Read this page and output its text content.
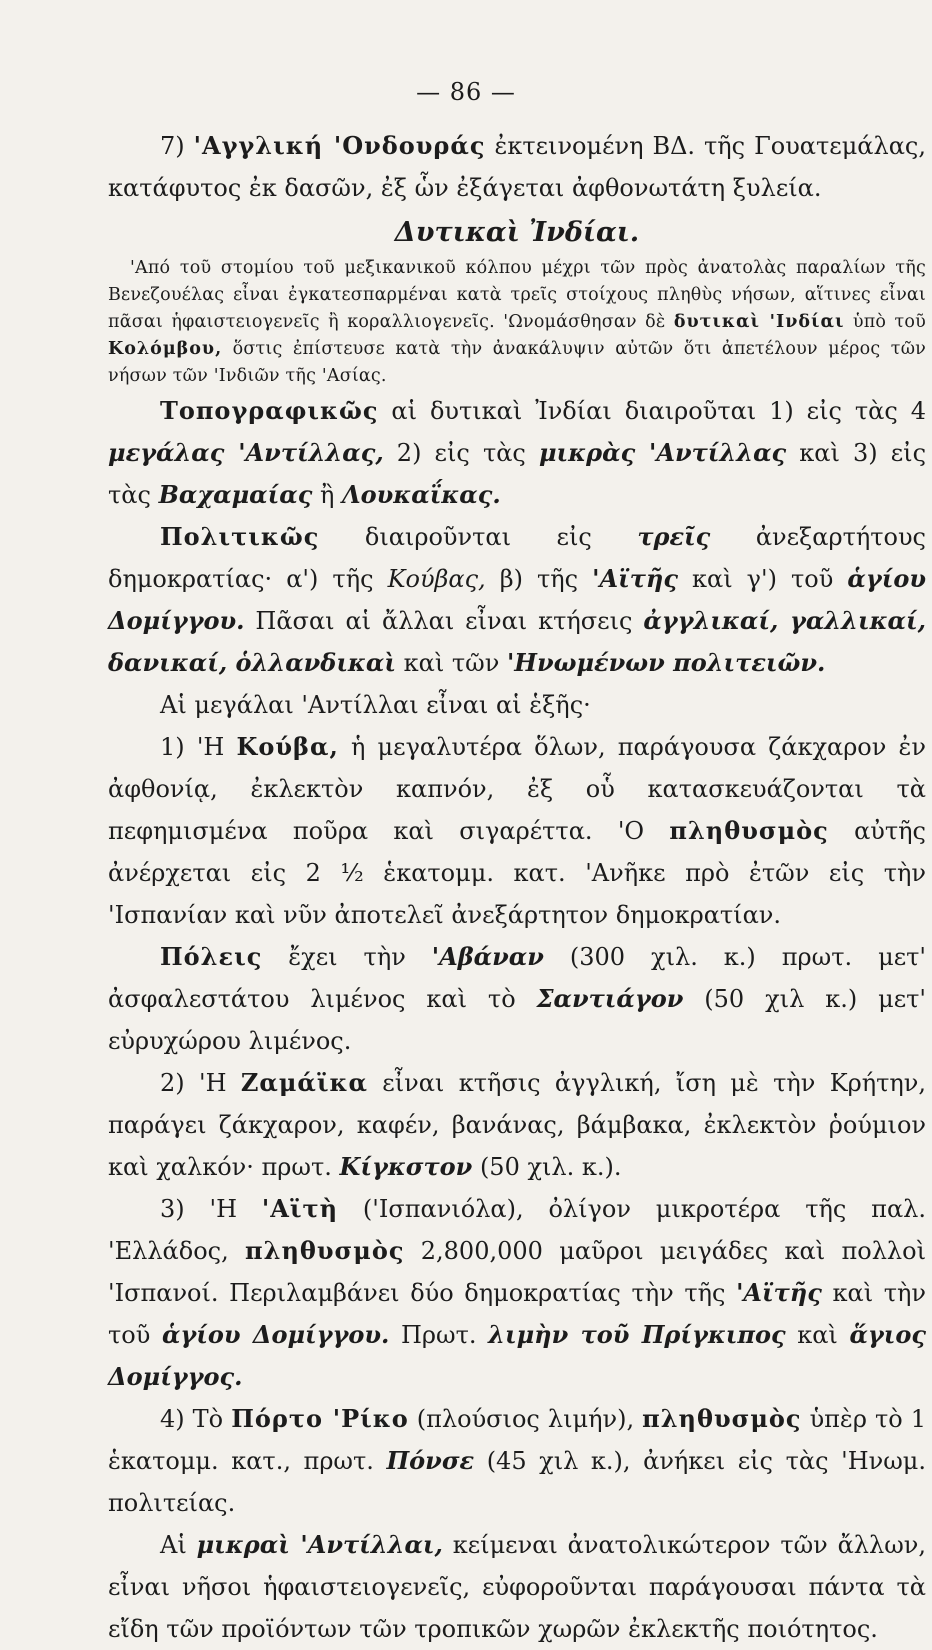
— 86 —

7) 'Αγγλική 'Ονδουράς ἐκτεινομένη ΒΔ. τῆς Γουατεμάλας, κατάφυτος ἐκ δασῶν, ἐξ ὧν ἐξάγεται ἀφθονωτάτη ξυλεία.

Δυτικαὶ Ἰνδίαι.

'Από τοῦ στομίου τοῦ μεξικανικοῦ κόλπου μέχρι τῶν πρὸς ἀνατολὰς παραλίων τῆς Βενεζουέλας εἶναι ἐγκατεσπαρμέναι κατὰ τρεῖς στοίχους πληθὺς νήσων, αἵτινες εἶναι πᾶσαι ἡφαιστειογενεῖς ἢ κοραλλιογενεῖς. 'Ωνομάσθησαν δὲ δυτικαὶ 'Ινδίαι ὑπὸ τοῦ Κολόμβου, ὅστις ἐπίστευσε κατὰ τὴν ἀνακάλυψιν αὐτῶν ὅτι ἀπετέλουν μέρος τῶν νήσων τῶν 'Ινδιῶν τῆς 'Ασίας.

Τοπογραφικῶς αἱ δυτικαὶ Ἰνδίαι διαιροῦται 1) εἰς τὰς 4 μεγάλας 'Αντίλλας, 2) εἰς τὰς μικρὰς 'Αντίλλας καὶ 3) εἰς τὰς Βαχαμαίας ἢ Λουκαΐκας.

Πολιτικῶς διαιροῦνται εἰς τρεῖς ἀνεξαρτήτους δημοκρατίας· α') τῆς Κούβας, β) τῆς 'Αϊτῆς καὶ γ') τοῦ ἁγίου Δομίγγου. Πᾶσαι αἱ ἄλλαι εἶναι κτήσεις ἀγγλικαί, γαλλικαί, δανικαί, ὁλλανδικαὶ καὶ τῶν 'Ηνωμένων πολιτειῶν.

Αἱ μεγάλαι 'Αντίλλαι εἶναι αἱ ἑξῆς·

1) 'Η Κούβα, ἡ μεγαλυτέρα ὅλων, παράγουσα ζάκχαρον ἐν ἀφθονίᾳ, ἐκλεκτὸν καπνόν, ἐξ οὗ κατασκευάζονται τὰ πεφημισμένα ποῦρα καὶ σιγαρέττα. 'Ο πληθυσμὸς αὐτῆς ἀνέρχεται εἰς 2 ½ ἑκατομμ. κατ. 'Ανῆκε πρὸ ἐτῶν εἰς τὴν 'Ισπανίαν καὶ νῦν ἀποτελεῖ ἀνεξάρτητον δημοκρατίαν.

Πόλεις ἔχει τὴν 'Αβάναν (300 χιλ. κ.) πρωτ. μετ' ἀσφαλεστάτου λιμένος καὶ τὸ Σαντιάγον (50 χιλ κ.) μετ' εὐρυχώρου λιμένος.

2) 'Η Ζαμάϊκα εἶναι κτῆσις ἀγγλική, ἴση μὲ τὴν Κρήτην, παράγει ζάκχαρον, καφέν, βανάνας, βάμβακα, ἐκλεκτὸν ῥούμιον καὶ χαλκόν· πρωτ. Κίγκστον (50 χιλ. κ.).

3) 'Η 'Αϊτὴ ('Ισπανιόλα), ὀλίγον μικροτέρα τῆς παλ. 'Ελλάδος, πληθυσμὸς 2,800,000 μαῦροι μειγάδες καὶ πολλοὶ 'Ισπανοί. Περιλαμβάνει δύο δημοκρατίας τὴν τῆς 'Αϊτῆς καὶ τὴν τοῦ ἁγίου Δομίγγου. Πρωτ. λιμὴν τοῦ Πρίγκιπος καὶ ἅγιος Δομίγγος.

4) Τὸ Πόρτο 'Ρίκο (πλούσιος λιμήν), πληθυσμὸς ὑπὲρ τὸ 1 ἑκατομμ. κατ., πρωτ. Πόνσε (45 χιλ κ.), ἀνήκει εἰς τὰς 'Ηνωμ. πολιτείας.

Αἱ μικραὶ 'Αντίλλαι, κείμεναι ἀνατολικώτερον τῶν ἄλλων, εἶναι νῆσοι ἡφαιστειογενεῖς, εὐφοροῦνται παράγουσαι πάντα τὰ εἴδη τῶν προϊόντων τῶν τροπικῶν χωρῶν ἐκλεκτῆς ποιότητος.
